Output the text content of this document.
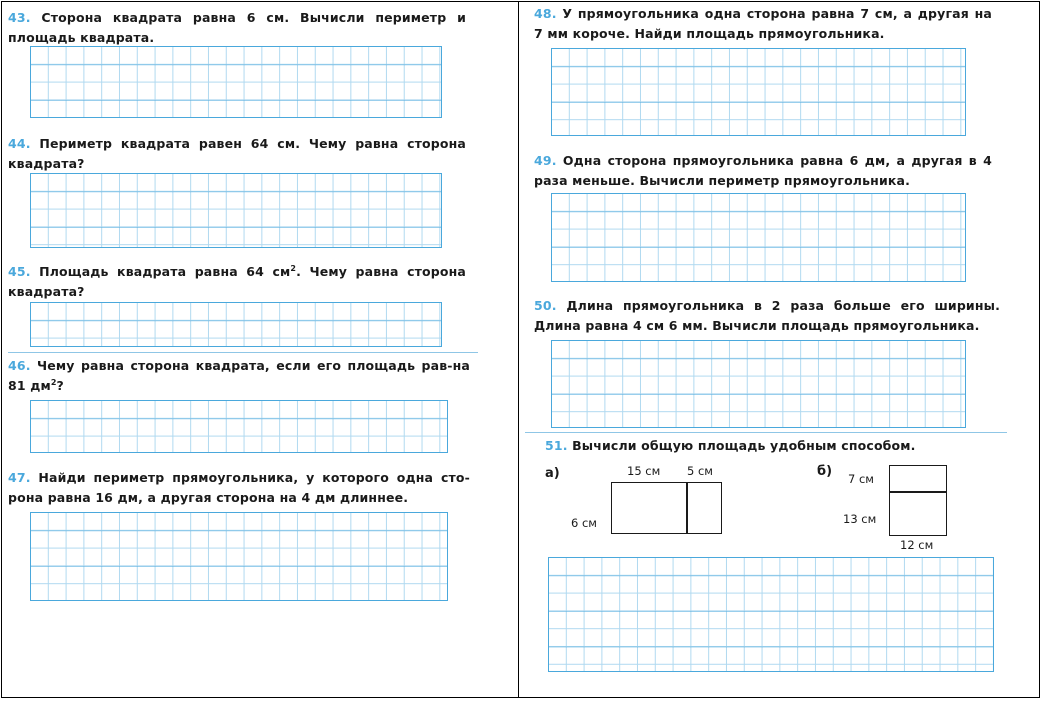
43. Сторона квадрата равна 6 см. Вычисли периметр и площадь квадрата.
44. Периметр квадрата равен 64 см. Чему равна сторона квадрата?
45. Площадь квадрата равна 64 $см^2$. Чему равна сторона квадрата?
46. Чему равна сторона квадрата, если его площадь рав-на 81 $дм^2$?
47. Найди периметр прямоугольника, у которого одна сто-рона равна 16 дм, а другая сторона на 4 дм длиннее.
48. У прямоугольника одна сторона равна 7 см, а другая на 7 мм короче. Найди площадь прямоугольника.
49. Одна сторона прямоугольника равна 6 дм, а другая в 4 раза меньше. Вычисли периметр прямоугольника.
50. Длина прямоугольника в 2 раза больше его ширины. Длина равна 4 см 6 мм. Вычисли площадь прямоугольника.
51. Вычисли общую площадь удобным способом.
а)	15 см 5 см
6 см
б) 7 см
13 см
12 см
